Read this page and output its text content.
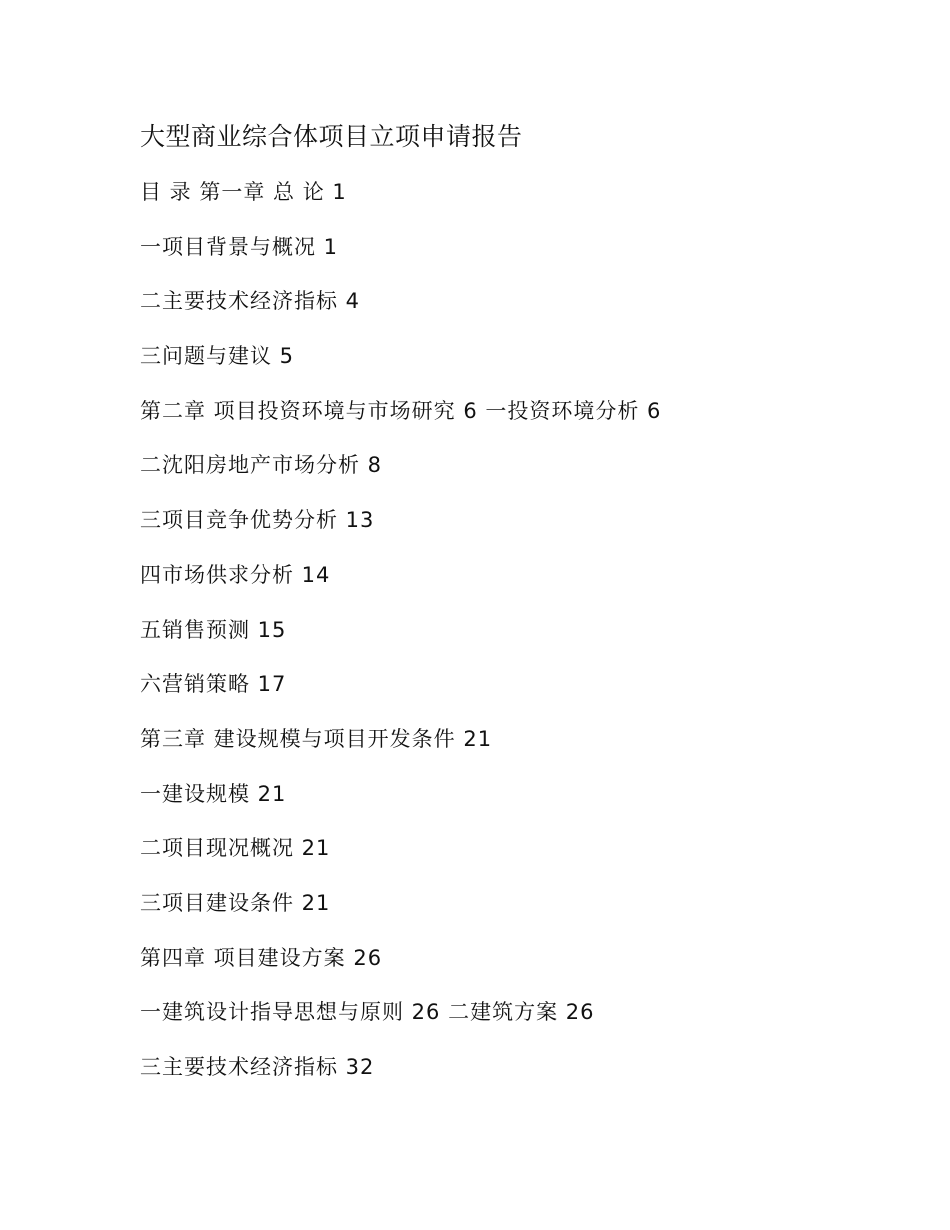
大型商业综合体项目立项申请报告
目 录 第一章 总 论 1
一项目背景与概况 1
二主要技术经济指标 4
三问题与建议 5
第二章 项目投资环境与市场研究 6 一投资环境分析 6
二沈阳房地产市场分析 8
三项目竞争优势分析 13
四市场供求分析 14
五销售预测 15
六营销策略 17
第三章 建设规模与项目开发条件 21
一建设规模 21
二项目现况概况 21
三项目建设条件 21
第四章 项目建设方案 26
一建筑设计指导思想与原则 26 二建筑方案 26
三主要技术经济指标 32
